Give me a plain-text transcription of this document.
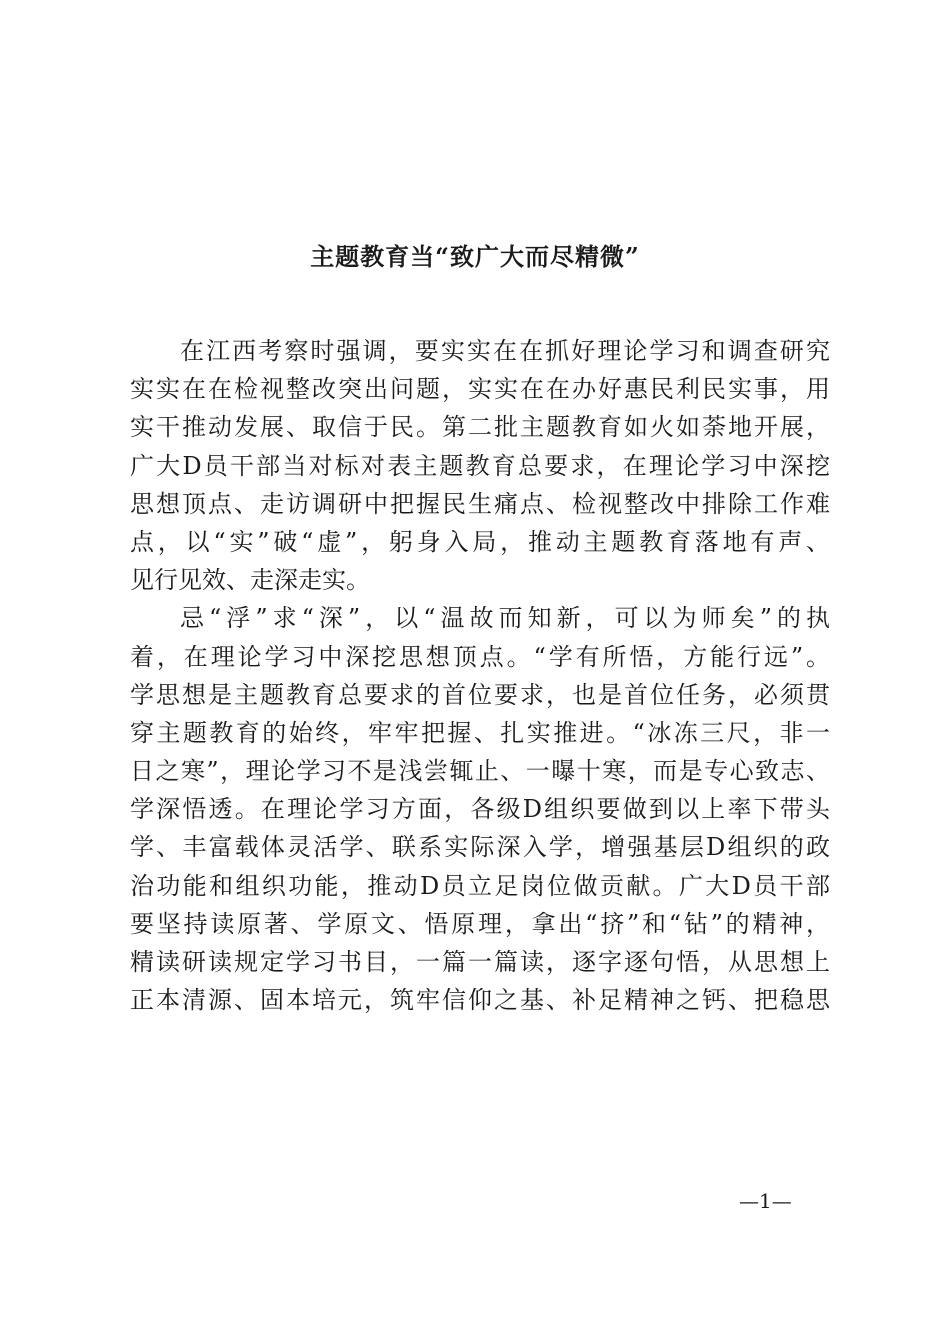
主题教育当“致广大而尽精微”
在江西考察时强调，要实实在在抓好理论学习和调查研究
实实在在检视整改突出问题，实实在在办好惠民利民实事，用
实干推动发展、取信于民。第二批主题教育如火如荼地开展，
广大D员干部当对标对表主题教育总要求，在理论学习中深挖
思想顶点、走访调研中把握民生痛点、检视整改中排除工作难
点，以“实”破“虚”，躬身入局，推动主题教育落地有声、
见行见效、走深走实。
忌“浮”求“深”，以“温故而知新，可以为师矣”的执
着，在理论学习中深挖思想顶点。“学有所悟，方能行远”。
学思想是主题教育总要求的首位要求，也是首位任务，必须贯
穿主题教育的始终，牢牢把握、扎实推进。“冰冻三尺，非一
日之寒”，理论学习不是浅尝辄止、一曝十寒，而是专心致志、
学深悟透。在理论学习方面，各级D组织要做到以上率下带头
学、丰富载体灵活学、联系实际深入学，增强基层D组织的政
治功能和组织功能，推动D员立足岗位做贡献。广大D员干部
要坚持读原著、学原文、悟原理，拿出“挤”和“钻”的精神，
精读研读规定学习书目，一篇一篇读，逐字逐句悟，从思想上
正本清源、固本培元，筑牢信仰之基、补足精神之钙、把稳思
—1—
